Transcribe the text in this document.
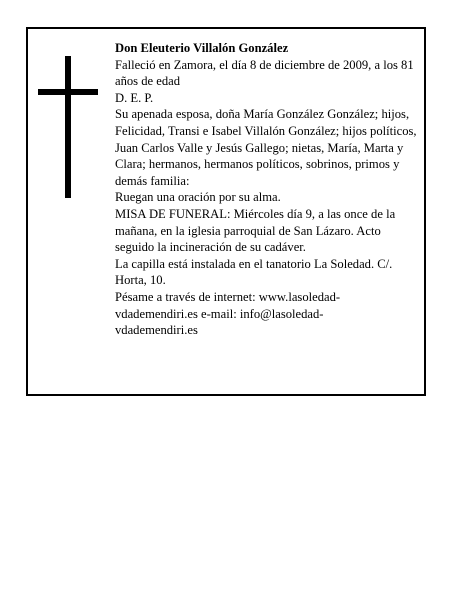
Don Eleuterio Villalón González

Falleció en Zamora, el día 8 de diciembre de 2009, a los 81 años de edad

D. E. P.

Su apenada esposa, doña María González González; hijos, Felicidad, Transi e Isabel Villalón González; hijos políticos, Juan Carlos Valle y Jesús Gallego; nietas, María, Marta y Clara; hermanos, hermanos políticos, sobrinos, primos y demás familia:

Ruegan una oración por su alma.

MISA DE FUNERAL: Miércoles día 9, a las once de la mañana, en la iglesia parroquial de San Lázaro. Acto seguido la incineración de su cadáver.

La capilla está instalada en el tanatorio La Soledad. C/. Horta, 10.

Pésame a través de internet: www.lasoledad-

vdademendiri.es e-mail: info@lasoledad-

vdademendiri.es
